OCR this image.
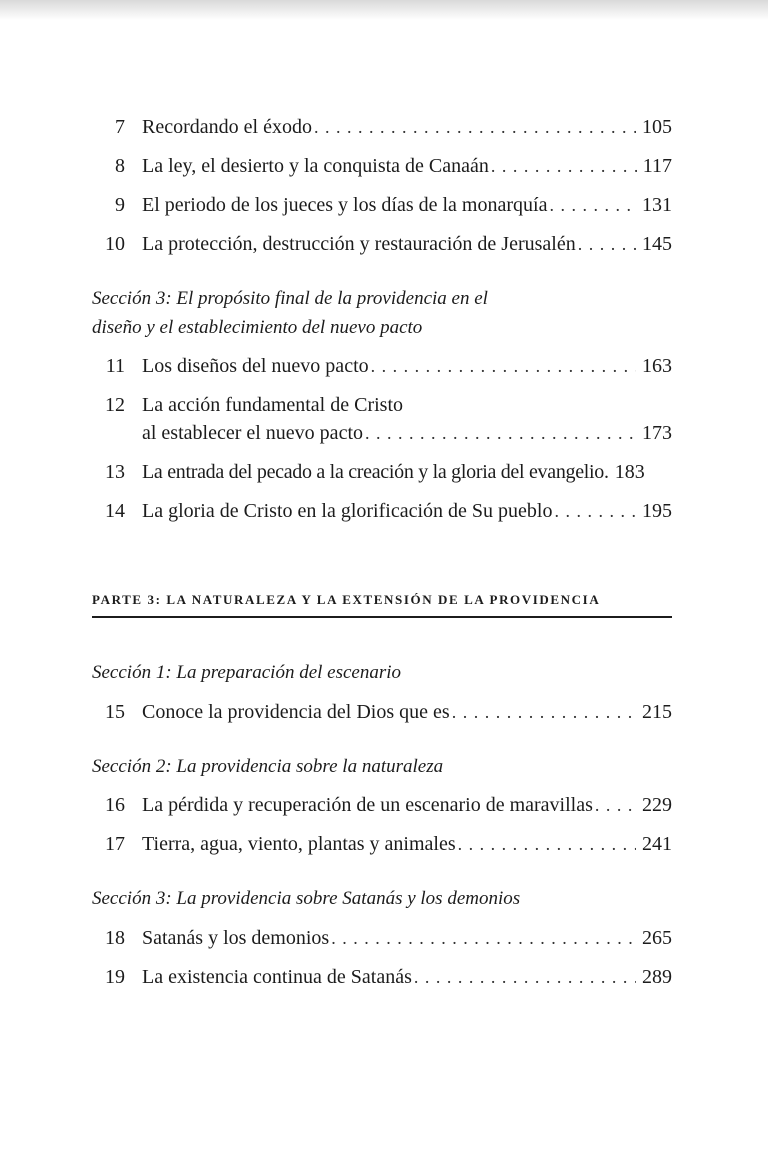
7 Recordando el éxodo . . .	105
8 La ley, el desierto y la conquista de Canaán . . .	117
9 El periodo de los jueces y los días de la monarquía . . .	131
10 La protección, destrucción y restauración de Jerusalén . . .	145
Sección 3: El propósito final de la providencia en el
diseño y el establecimiento del nuevo pacto
11 Los diseños del nuevo pacto . . .	163
12 La acción fundamental de Cristo
al establecer el nuevo pacto . . .	173
13 La entrada del pecado a la creación y la gloria del evangelio. 183
14 La gloria de Cristo en la glorificación de Su pueblo . . .	195
PARTE 3: LA NATURALEZA Y LA EXTENSIÓN DE LA PROVIDENCIA
Sección 1: La preparación del escenario
15 Conoce la providencia del Dios que es . . .	215
Sección 2: La providencia sobre la naturaleza
16 La pérdida y recuperación de un escenario de maravillas . . . 229
17 Tierra, agua, viento, plantas y animales . . .	241
Sección 3: La providencia sobre Satanás y los demonios
18 Satanás y los demonios . . .	265
19 La existencia continua de Satanás . . .	289
